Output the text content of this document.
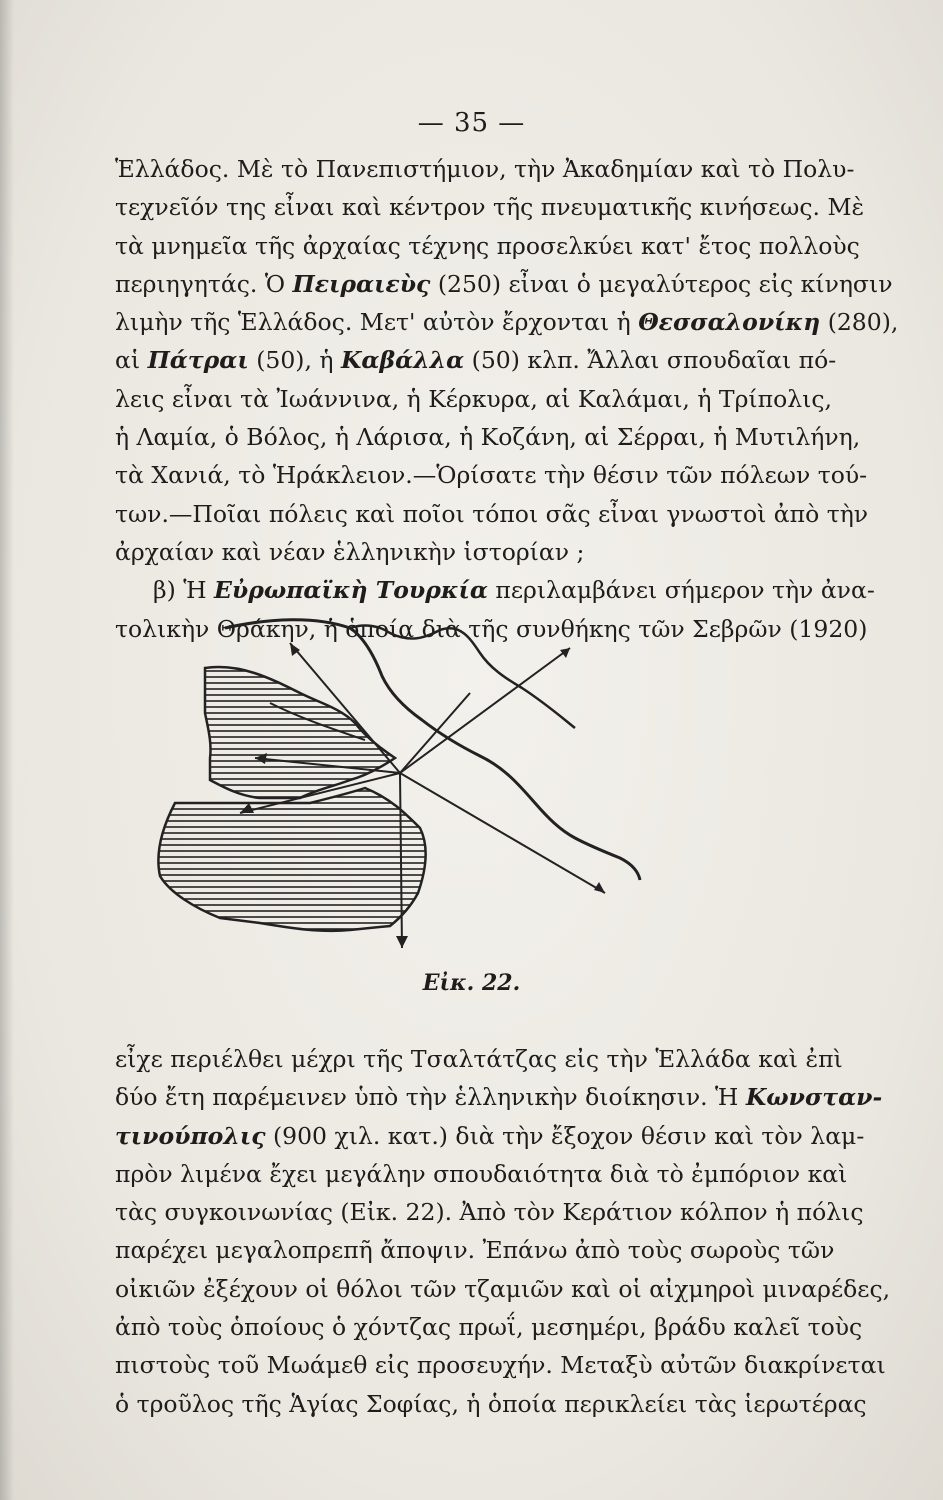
— 35 —
Ἑλλάδος. Μὲ τὸ Πανεπιστήμιον, τὴν Ἀκαδημίαν καὶ τὸ Πολυ-
τεχνεῖόν της εἶναι καὶ κέντρον τῆς πνευματικῆς κινήσεως. Μὲ
τὰ μνημεῖα τῆς ἀρχαίας τέχνης προσελκύει κατ' ἔτος πολλοὺς
περιηγητάς. Ὁ Πειραιεὺς (250) εἶναι ὁ μεγαλύτερος εἰς κίνησιν
λιμὴν τῆς Ἑλλάδος. Μετ' αὐτὸν ἔρχονται ἡ Θεσσαλονίκη (280),
αἱ Πάτραι (50), ἡ Καβάλλα (50) κλπ. Ἄλλαι σπουδαῖαι πό-
λεις εἶναι τὰ Ἰωάννινα, ἡ Κέρκυρα, αἱ Καλάμαι, ἡ Τρίπολις,
ἡ Λαμία, ὁ Βόλος, ἡ Λάρισα, ἡ Κοζάνη, αἱ Σέρραι, ἡ Μυτιλήνη,
τὰ Χανιά, τὸ Ἡράκλειον.—Ὁρίσατε τὴν θέσιν τῶν πόλεων τού-
των.—Ποῖαι πόλεις καὶ ποῖοι τόποι σᾶς εἶναι γνωστοὶ ἀπὸ τὴν
ἀρχαίαν καὶ νέαν ἑλληνικὴν ἱστορίαν ;
β) Ἡ Εὐρωπαϊκὴ Τουρκία περιλαμβάνει σήμερον τὴν ἀνα-
τολικὴν Θράκην, ἡ ὁποία διὰ τῆς συνθήκης τῶν Σεβρῶν (1920)
Εἰκ. 22.
εἶχε περιέλθει μέχρι τῆς Τσαλτάτζας εἰς τὴν Ἑλλάδα καὶ ἐπὶ
δύο ἔτη παρέμεινεν ὑπὸ τὴν ἑλληνικὴν διοίκησιν. Ἡ Κωνσταν-
τινούπολις (900 χιλ. κατ.) διὰ τὴν ἔξοχον θέσιν καὶ τὸν λαμ-
πρὸν λιμένα ἔχει μεγάλην σπουδαιότητα διὰ τὸ ἐμπόριον καὶ
τὰς συγκοινωνίας (Εἰκ. 22). Ἀπὸ τὸν Κεράτιον κόλπον ἡ πόλις
παρέχει μεγαλοπρεπῆ ἄποψιν. Ἐπάνω ἀπὸ τοὺς σωροὺς τῶν
οἰκιῶν ἐξέχουν οἱ θόλοι τῶν τζαμιῶν καὶ οἱ αἰχμηροὶ μιναρέδες,
ἀπὸ τοὺς ὁποίους ὁ χόντζας πρωΐ, μεσημέρι, βράδυ καλεῖ τοὺς
πιστοὺς τοῦ Μωάμεθ εἰς προσευχήν. Μεταξὺ αὐτῶν διακρίνεται
ὁ τροῦλος τῆς Ἁγίας Σοφίας, ἡ ὁποία περικλείει τὰς ἱερωτέρας
